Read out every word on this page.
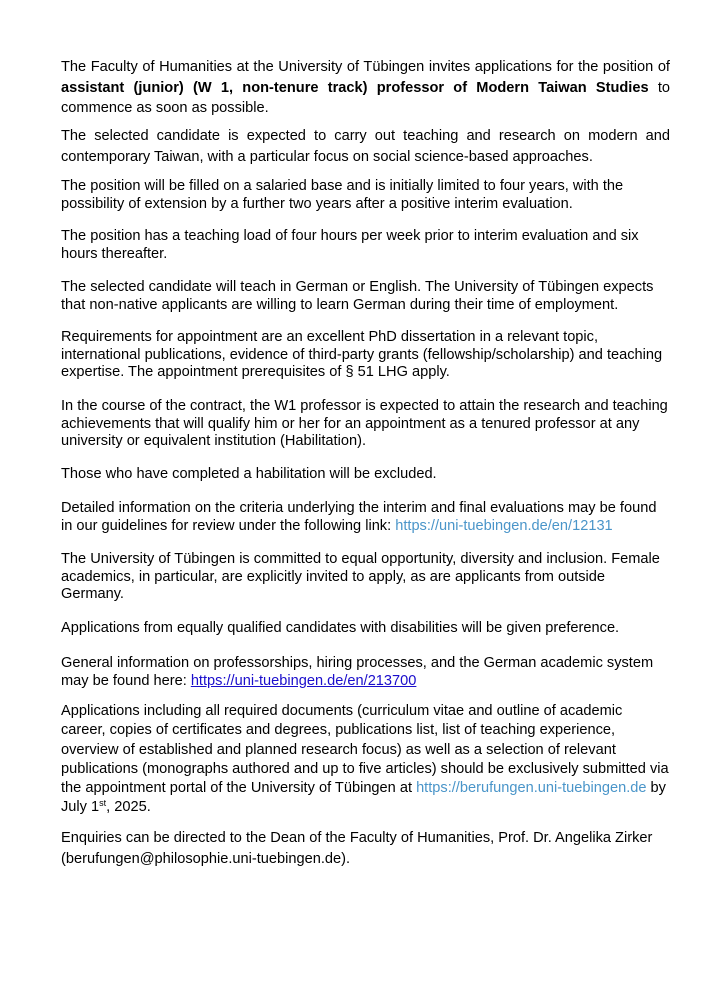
The Faculty of Humanities at the University of Tübingen invites applications for the position of assistant (junior) (W 1, non-tenure track) professor of Modern Taiwan Studies to commence as soon as possible.

The selected candidate is expected to carry out teaching and research on modern and contemporary Taiwan, with a particular focus on social science-based approaches.

The position will be filled on a salaried base and is initially limited to four years, with the possibility of extension by a further two years after a positive interim evaluation.

The position has a teaching load of four hours per week prior to interim evaluation and six hours thereafter.

The selected candidate will teach in German or English. The University of Tübingen expects that non-native applicants are willing to learn German during their time of employment.

Requirements for appointment are an excellent PhD dissertation in a relevant topic, international publications, evidence of third-party grants (fellowship/scholarship) and teaching expertise. The appointment prerequisites of § 51 LHG apply.

In the course of the contract, the W1 professor is expected to attain the research and teaching achievements that will qualify him or her for an appointment as a tenured professor at any university or equivalent institution (Habilitation).

Those who have completed a habilitation will be excluded.

Detailed information on the criteria underlying the interim and final evaluations may be found in our guidelines for review under the following link: https://uni-tuebingen.de/en/12131

The University of Tübingen is committed to equal opportunity, diversity and inclusion. Female academics, in particular, are explicitly invited to apply, as are applicants from outside Germany.

Applications from equally qualified candidates with disabilities will be given preference.

General information on professorships, hiring processes, and the German academic system may be found here: https://uni-tuebingen.de/en/213700

Applications including all required documents (curriculum vitae and outline of academic career, copies of certificates and degrees, publications list, list of teaching experience, overview of established and planned research focus) as well as a selection of relevant publications (monographs authored and up to five articles) should be exclusively submitted via the appointment portal of the University of Tübingen at https://berufungen.uni-tuebingen.de by July 1st, 2025.

Enquiries can be directed to the Dean of the Faculty of Humanities, Prof. Dr. Angelika Zirker (berufungen@philosophie.uni-tuebingen.de).
